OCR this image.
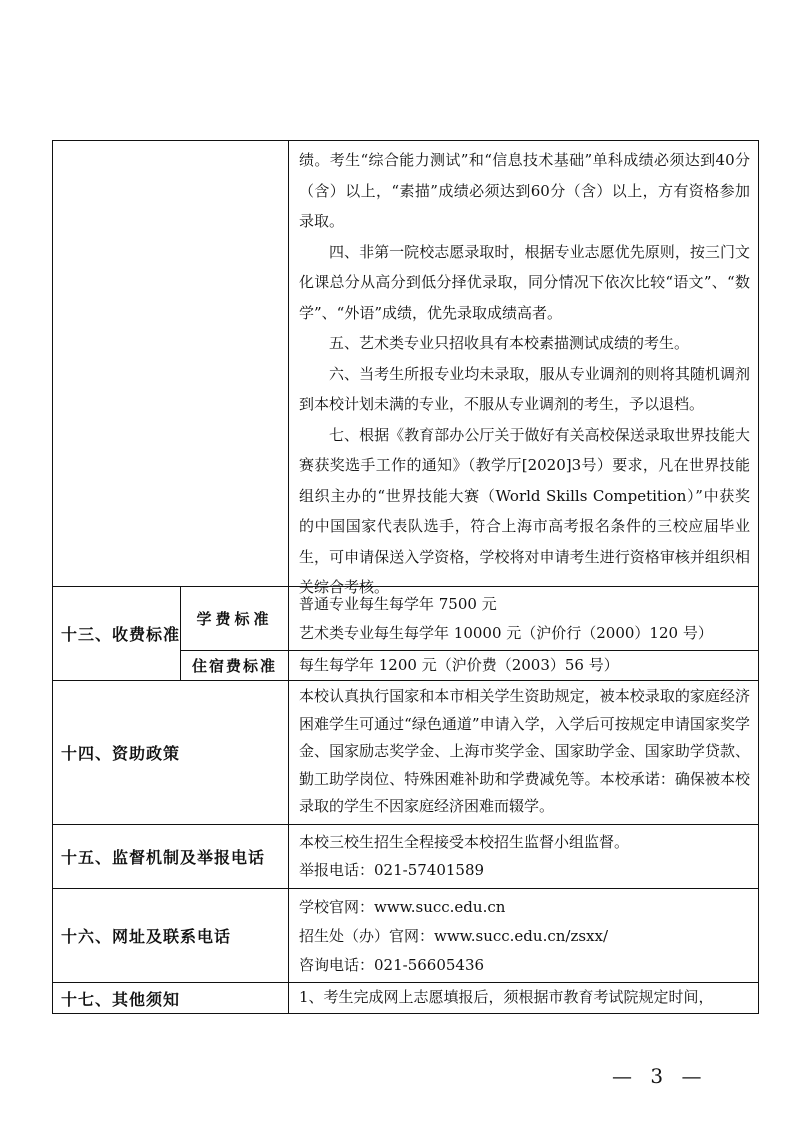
绩。考生“综合能力测试”和“信息技术基础”单科成绩必须达到40分（含）以上，“素描”成绩必须达到60分（含）以上，方有资格参加录取。

四、非第一院校志愿录取时，根据专业志愿优先原则，按三门文化课总分从高分到低分择优录取，同分情况下依次比较“语文”、“数学”、“外语”成绩，优先录取成绩高者。

五、艺术类专业只招收具有本校素描测试成绩的考生。

六、当考生所报专业均未录取，服从专业调剂的则将其随机调剂到本校计划未满的专业，不服从专业调剂的考生，予以退档。

七、根据《教育部办公厅关于做好有关高校保送录取世界技能大赛获奖选手工作的通知》（教学厅[2020]3号）要求，凡在世界技能组织主办的“世界技能大赛（World Skills Competition）”中获奖的中国国家代表队选手，符合上海市高考报名条件的三校应届毕业生，可申请保送入学资格，学校将对申请考生进行资格审核并组织相关综合考核。

十三、收费标准
学费标准
普通专业每生每学年 7500 元
艺术类专业每生每学年 10000 元（沪价行（2000）120 号）
住宿费标准	每生每学年 1200 元（沪价费（2003）56 号）
十四、资助政策

本校认真执行国家和本市相关学生资助规定，被本校录取的家庭经济困难学生可通过“绿色通道”申请入学，入学后可按规定申请国家奖学金、国家励志奖学金、上海市奖学金、国家助学金、国家助学贷款、勤工助学岗位、特殊困难补助和学费减免等。本校承诺：确保被本校录取的学生不因家庭经济困难而辍学。

十五、监督机制及举报电话
本校三校生招生全程接受本校招生监督小组监督。
举报电话：021-57401589
十六、网址及联系电话
学校官网：www.succ.edu.cn
招生处（办）官网：www.succ.edu.cn/zsxx/
咨询电话：021-56605436
十七、其他须知	1、考生完成网上志愿填报后，须根据市教育考试院规定时间，
— 3 —
